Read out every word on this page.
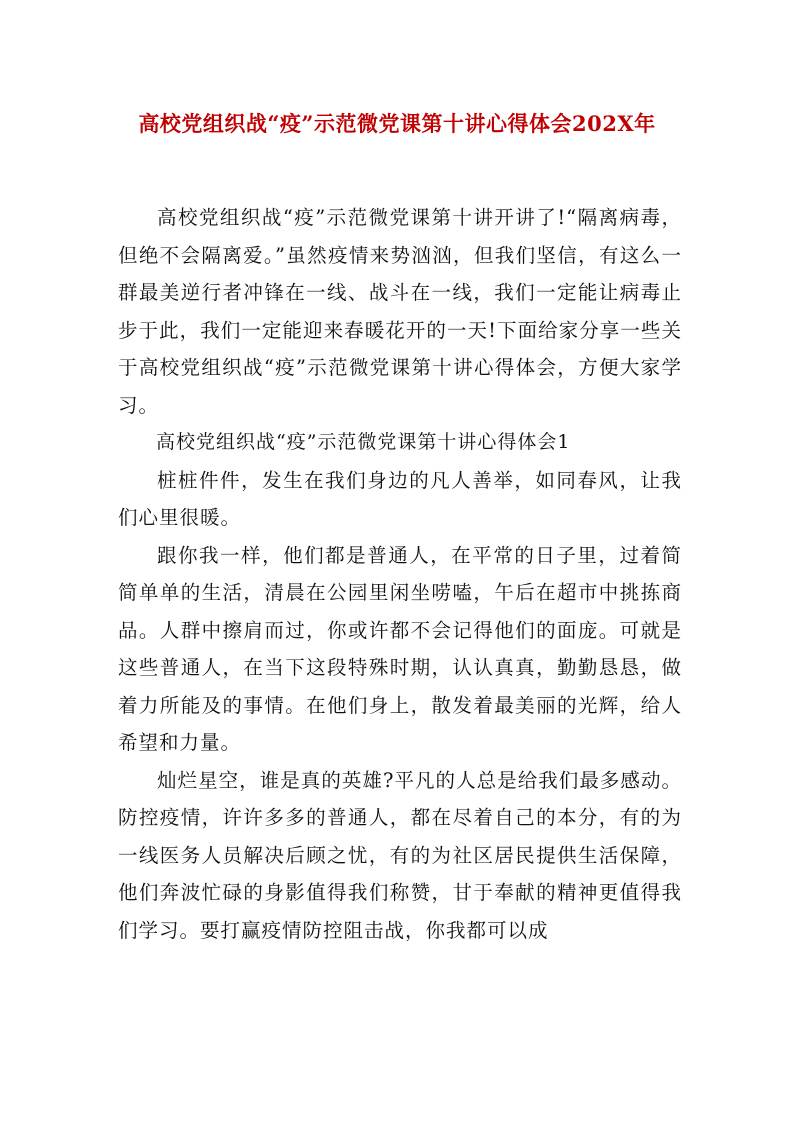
高校党组织战“疫”示范微党课第十讲心得体会202X年

高校党组织战“疫”示范微党课第十讲开讲了!“隔离病毒，但绝不会隔离爱。”虽然疫情来势汹汹，但我们坚信，有这么一群最美逆行者冲锋在一线、战斗在一线，我们一定能让病毒止步于此，我们一定能迎来春暖花开的一天!下面给家分享一些关于高校党组织战“疫”示范微党课第十讲心得体会，方便大家学习。

高校党组织战“疫”示范微党课第十讲心得体会1

桩桩件件，发生在我们身边的凡人善举，如同春风，让我们心里很暖。

跟你我一样，他们都是普通人，在平常的日子里，过着简简单单的生活，清晨在公园里闲坐唠嗑，午后在超市中挑拣商品。人群中擦肩而过，你或许都不会记得他们的面庞。可就是这些普通人，在当下这段特殊时期，认认真真，勤勤恳恳，做着力所能及的事情。在他们身上，散发着最美丽的光辉，给人希望和力量。

灿烂星空，谁是真的英雄?平凡的人总是给我们最多感动。防控疫情，许许多多的普通人，都在尽着自己的本分，有的为一线医务人员解决后顾之忧，有的为社区居民提供生活保障，他们奔波忙碌的身影值得我们称赞，甘于奉献的精神更值得我们学习。要打赢疫情防控阻击战，你我都可以成
